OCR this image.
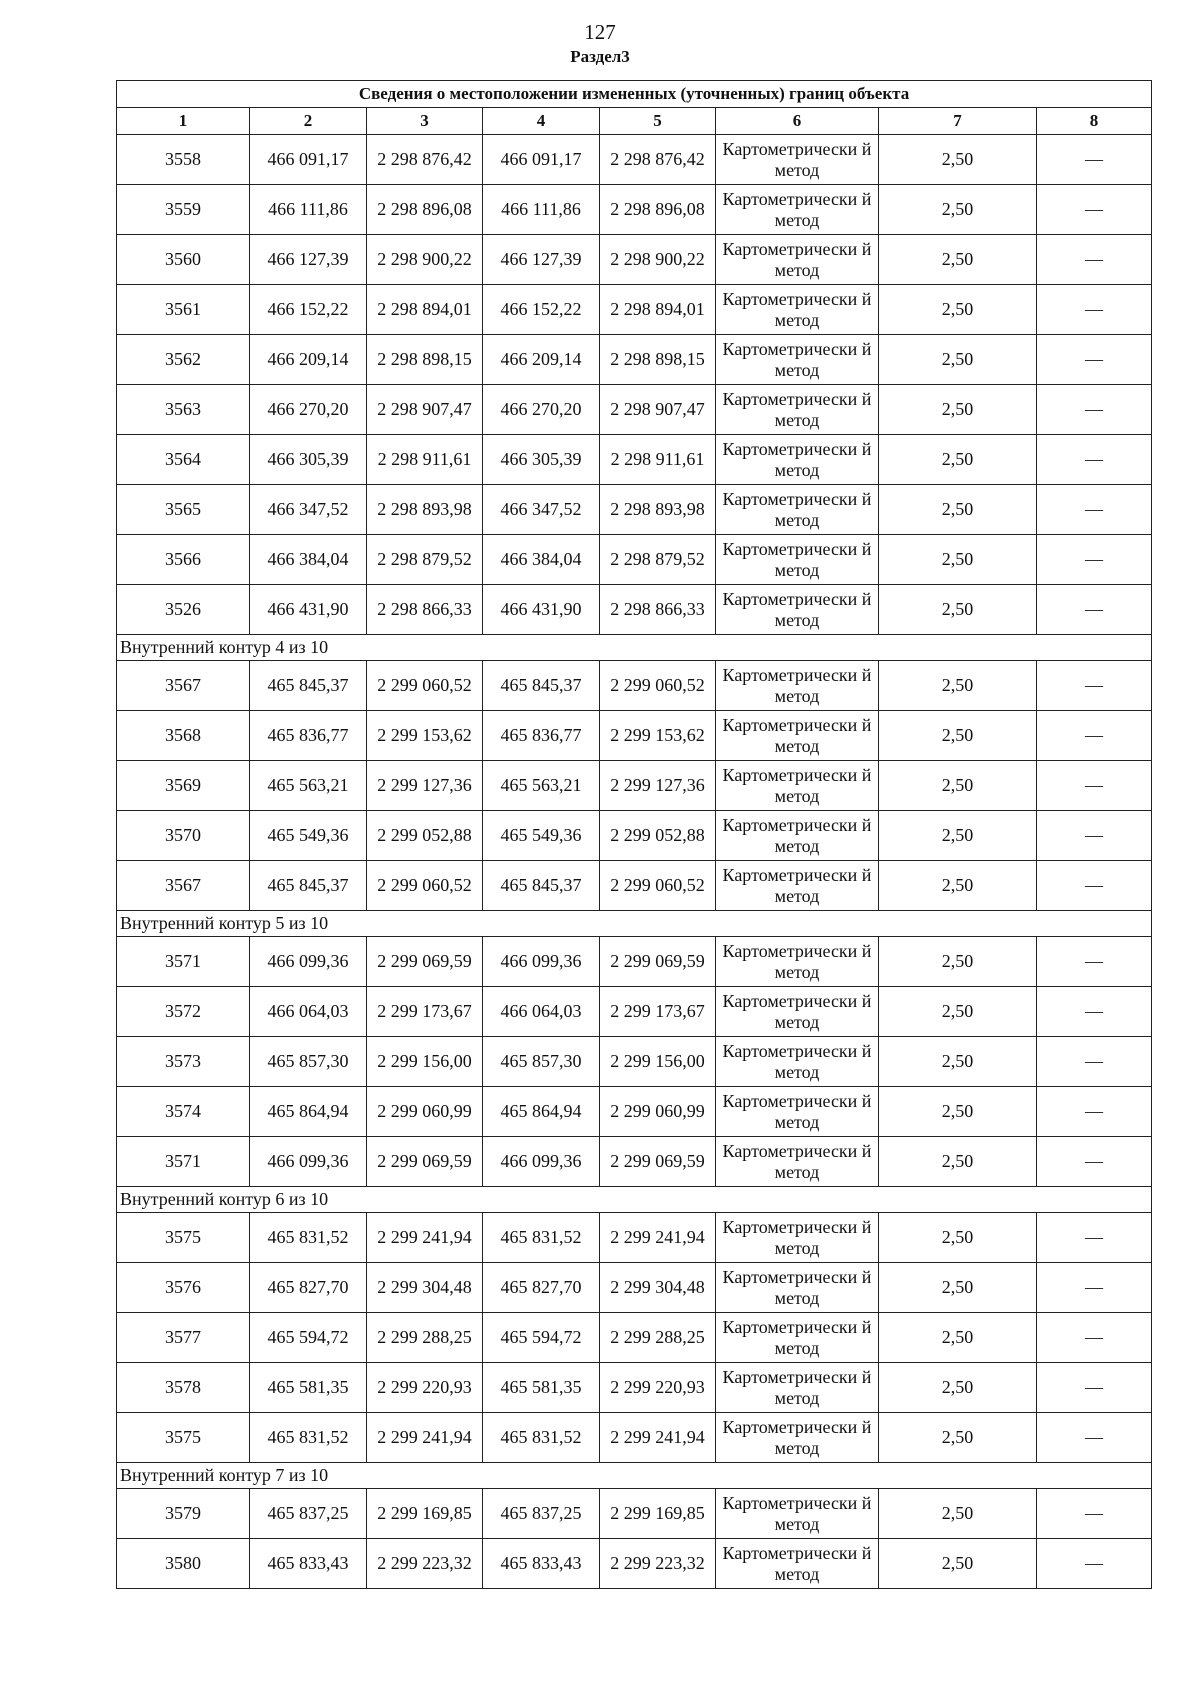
127
Раздел3
Сведения о местоположении измененных (уточненных) границ объекта							
1	2	3	4	5	6	7	8
3558	466 091,17	2 298 876,42	466 091,17	2 298 876,42	Картометрически й метод	2,50	—
3559	466 111,86	2 298 896,08	466 111,86	2 298 896,08	Картометрически й метод	2,50	—
3560	466 127,39	2 298 900,22	466 127,39	2 298 900,22	Картометрически й метод	2,50	—
3561	466 152,22	2 298 894,01	466 152,22	2 298 894,01	Картометрически й метод	2,50	—
3562	466 209,14	2 298 898,15	466 209,14	2 298 898,15	Картометрически й метод	2,50	—
3563	466 270,20	2 298 907,47	466 270,20	2 298 907,47	Картометрически й метод	2,50	—
3564	466 305,39	2 298 911,61	466 305,39	2 298 911,61	Картометрически й метод	2,50	—
3565	466 347,52	2 298 893,98	466 347,52	2 298 893,98	Картометрически й метод	2,50	—
3566	466 384,04	2 298 879,52	466 384,04	2 298 879,52	Картометрически й метод	2,50	—
3526	466 431,90	2 298 866,33	466 431,90	2 298 866,33	Картометрически й метод	2,50	—
Внутренний контур 4 из 10							
3567	465 845,37	2 299 060,52	465 845,37	2 299 060,52	Картометрически й метод	2,50	—
3568	465 836,77	2 299 153,62	465 836,77	2 299 153,62	Картометрически й метод	2,50	—
3569	465 563,21	2 299 127,36	465 563,21	2 299 127,36	Картометрически й метод	2,50	—
3570	465 549,36	2 299 052,88	465 549,36	2 299 052,88	Картометрически й метод	2,50	—
3567	465 845,37	2 299 060,52	465 845,37	2 299 060,52	Картометрически й метод	2,50	—
Внутренний контур 5 из 10							
3571	466 099,36	2 299 069,59	466 099,36	2 299 069,59	Картометрически й метод	2,50	—
3572	466 064,03	2 299 173,67	466 064,03	2 299 173,67	Картометрически й метод	2,50	—
3573	465 857,30	2 299 156,00	465 857,30	2 299 156,00	Картометрически й метод	2,50	—
3574	465 864,94	2 299 060,99	465 864,94	2 299 060,99	Картометрически й метод	2,50	—
3571	466 099,36	2 299 069,59	466 099,36	2 299 069,59	Картометрически й метод	2,50	—
Внутренний контур 6 из 10							
3575	465 831,52	2 299 241,94	465 831,52	2 299 241,94	Картометрически й метод	2,50	—
3576	465 827,70	2 299 304,48	465 827,70	2 299 304,48	Картометрически й метод	2,50	—
3577	465 594,72	2 299 288,25	465 594,72	2 299 288,25	Картометрически й метод	2,50	—
3578	465 581,35	2 299 220,93	465 581,35	2 299 220,93	Картометрически й метод	2,50	—
3575	465 831,52	2 299 241,94	465 831,52	2 299 241,94	Картометрически й метод	2,50	—
Внутренний контур 7 из 10							
3579	465 837,25	2 299 169,85	465 837,25	2 299 169,85	Картометрически й метод	2,50	—
3580	465 833,43	2 299 223,32	465 833,43	2 299 223,32	Картометрически й метод	2,50	—
